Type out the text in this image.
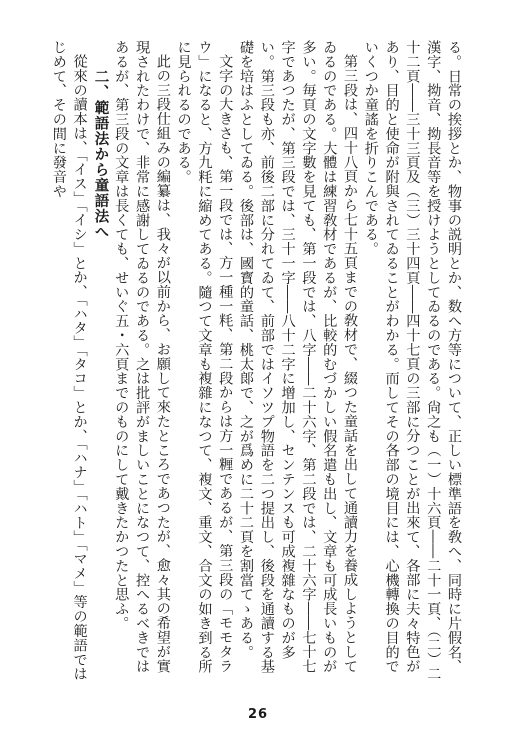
る。日常の挨拶とか、物事の説明とか、数へ方等について、正しい標準語を敎へ、同時に片假名、漢字、拗音、拗長音等を授けようとしてゐるのである。尙之も（一）十六頁――二十一頁、（二）二十二頁――三十三頁及（三）三十四頁――四十七頁の三部に分つことが出來て、各部に夫々特色があり、目的と使命が附與されてゐることがわかる。而してその各部の境目には、心機轉換の目的でいくつか童謠を折りこんである。

第三段は、四十八頁から七十五頁までの敎材で、綴つた童話を出して通讀力を養成しようとしてゐるのである。大體は練習敎材であるが、比較的むづかしい假名遣も出し、文章も可成長いものが多い。毎頁の文字數を見ても、第一段では、八字――二十六字、第二段では、二十六字――七十七字であつたが、第三段では、三十一字――八十二字に增加し、センテンスも可成複雜なものが多い。第三段も亦、前後二部に分れてゐて、前部ではイソツプ物語を二つ提出し、後段を通讀する基礎を培はふとしてゐる。後部は、國寳的童話、桃太郞で、之が爲めに二十二頁を割當てゝある。

文字の大きさも、第一段では、方一種一粍、第二段からは方一糎であるが、第三段の「モモタラウ」になると、方九粍に縮めてある。隨つて文章も複雜になつて、複文、重文、合文の如き到る所に見られるのである。

此の三段仕組みの編纂は、我々が以前から、お願して來たところであつたが、愈々其の希望が實現されたわけで、非常に感謝してゐるのである。之は批評がましいことになつて、控へるべきではあるが、第三段の文章は長くても、せいぐ五・六頁までのものにして戴きたかつたと思ふ。

二、範語法から童語法へ

從來の讀本は、「イス」「イシ」とか、「ハタ」「タコ」とか、「ハナ」「ハト」「マメ」等の範語ではじめて、その間に發音や

26
